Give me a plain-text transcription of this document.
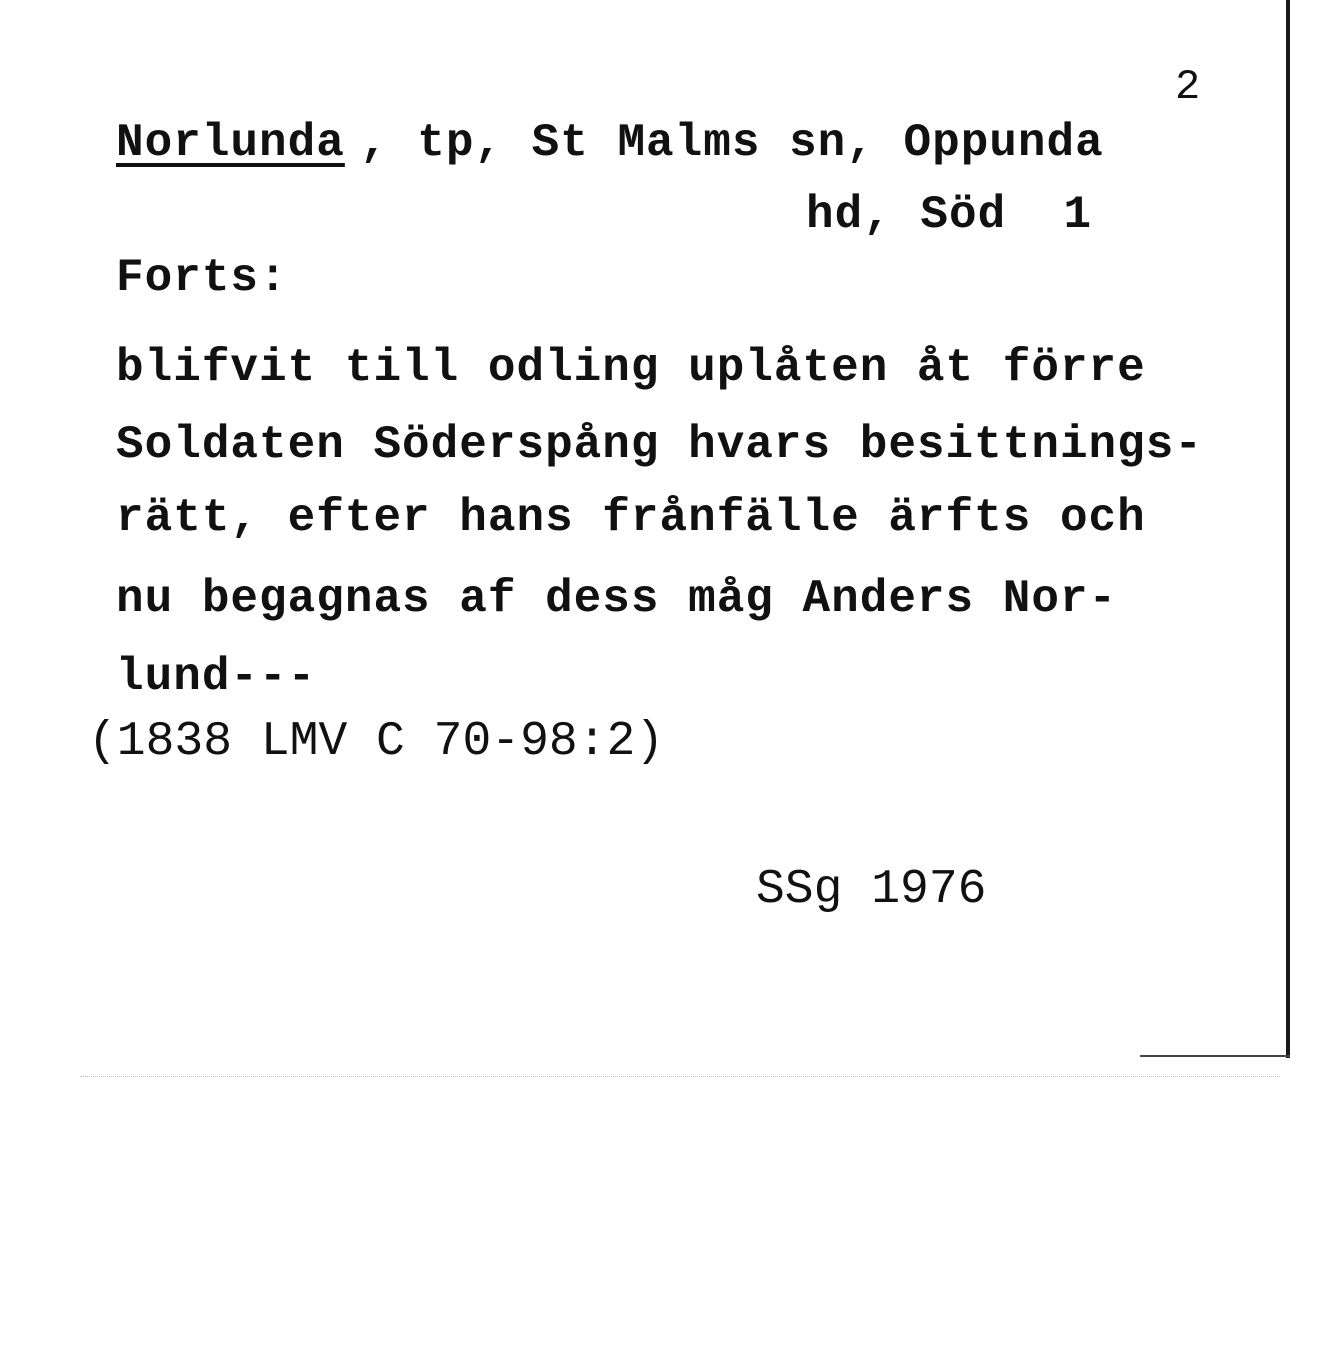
2
Norlunda , tp, St Malms sn, Oppunda
hd, Söd  1
Forts:
blifvit till odling uplåten åt förre
Soldaten Söderspång hvars besittnings-
rätt, efter hans frånfälle ärfts och
nu begagnas af dess måg Anders Nor-
lund---
(1838 LMV C 70-98:2)
SSg 1976
